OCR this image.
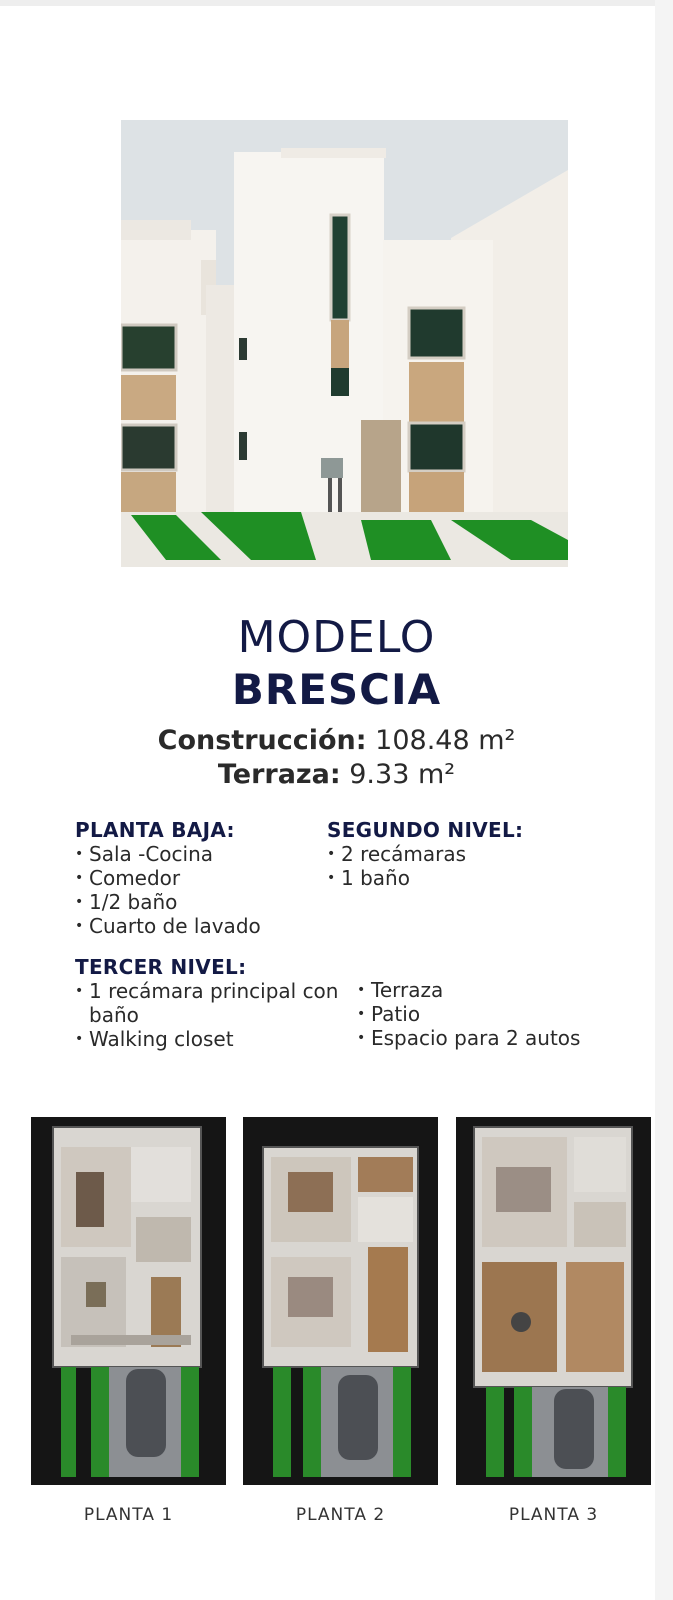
MODELO
BRESCIA
Construcción: 108.48 m²
Terraza: 9.33 m²
PLANTA BAJA:
• Sala -Cocina
• Comedor
• 1/2 baño
• Cuarto de lavado
SEGUNDO NIVEL:
• 2 recámaras
• 1 baño
TERCER NIVEL:
• 1 recámara principal con baño
• Walking closet
• Terraza
• Patio
• Espacio para 2 autos
PLANTA 1	PLANTA 2	PLANTA 3
